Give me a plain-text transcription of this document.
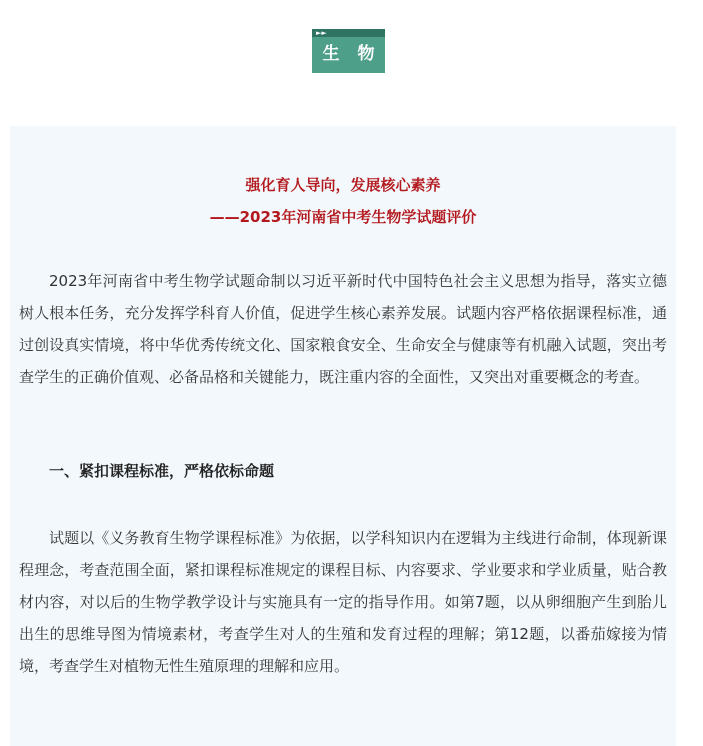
►►
生 物
强化育人导向，发展核心素养
——2023年河南省中考生物学试题评价

2023年河南省中考生物学试题命制以习近平新时代中国特色社会主义思想为指导，落实立德树人根本任务，充分发挥学科育人价值，促进学生核心素养发展。试题内容严格依据课程标准，通过创设真实情境，将中华优秀传统文化、国家粮食安全、生命安全与健康等有机融入试题，突出考查学生的正确价值观、必备品格和关键能力，既注重内容的全面性，又突出对重要概念的考查。

一、紧扣课程标准，严格依标命题

试题以《义务教育生物学课程标准》为依据，以学科知识内在逻辑为主线进行命制，体现新课程理念，考查范围全面，紧扣课程标准规定的课程目标、内容要求、学业要求和学业质量，贴合教材内容，对以后的生物学教学设计与实施具有一定的指导作用。如第7题，以从卵细胞产生到胎儿出生的思维导图为情境素材，考查学生对人的生殖和发育过程的理解；第12题，以番茄嫁接为情境，考查学生对植物无性生殖原理的理解和应用。
